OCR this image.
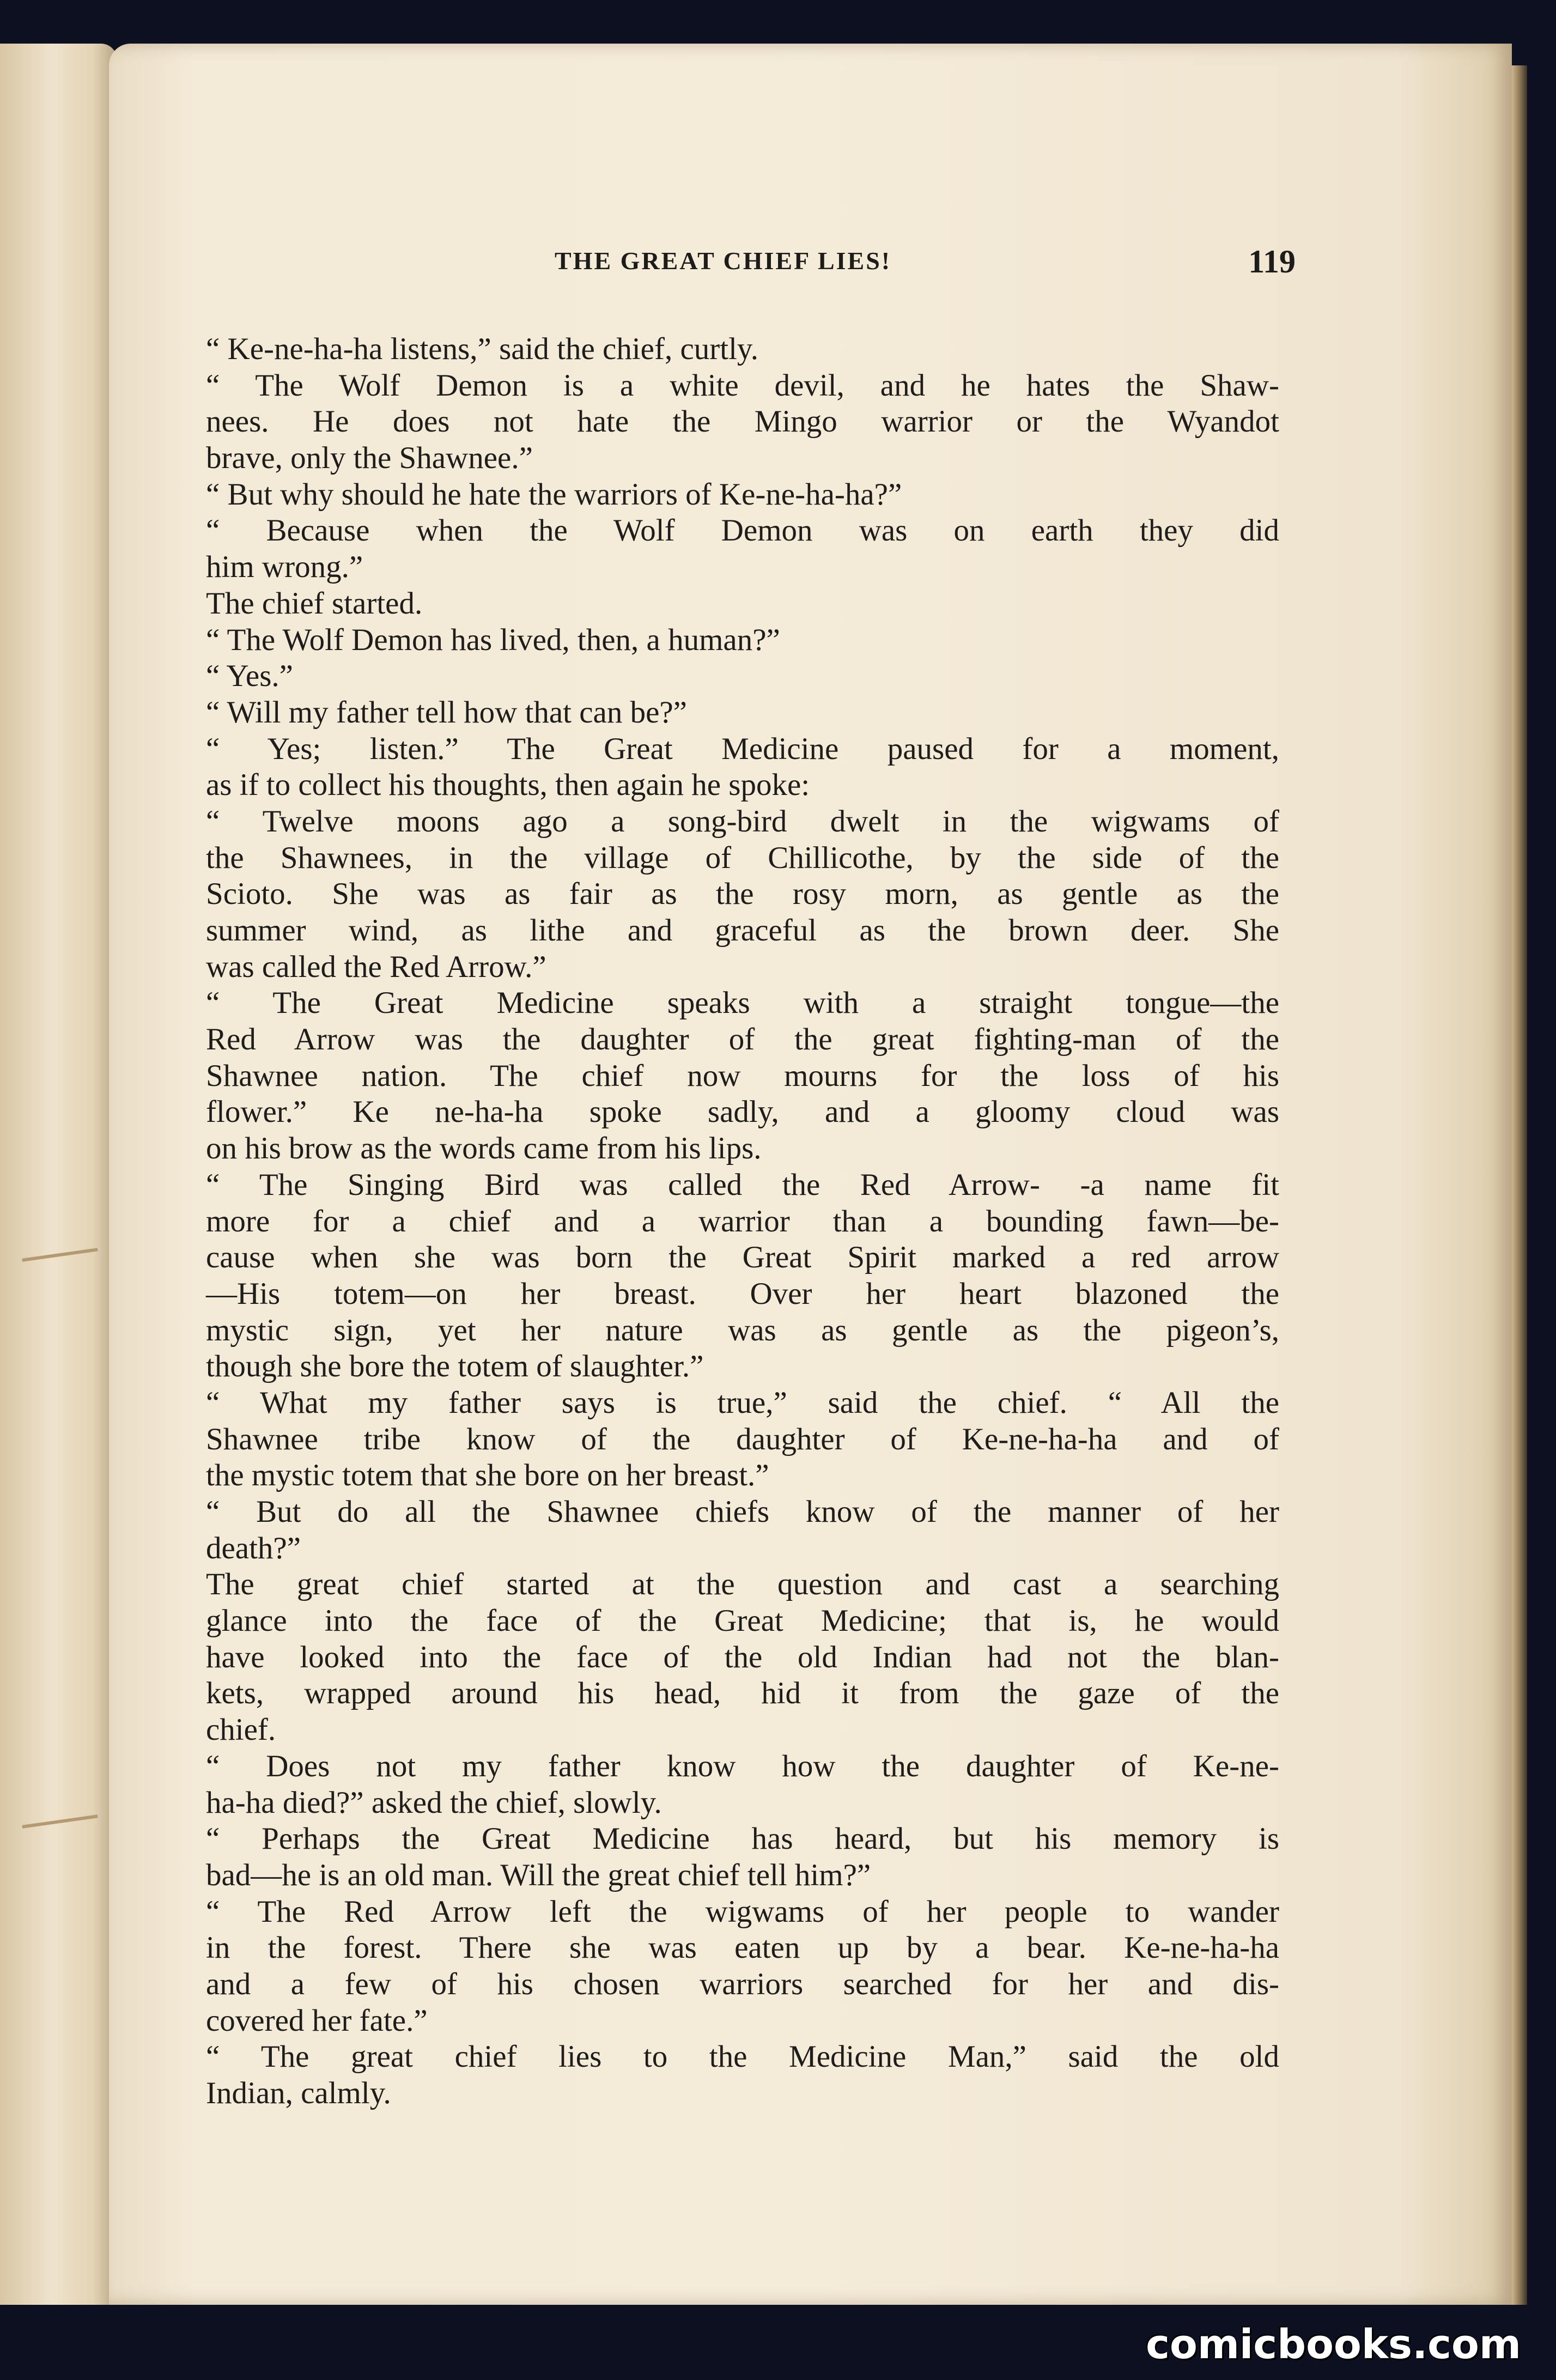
THE GREAT CHIEF LIES!	119
“ Ke-ne-ha-ha listens,” said the chief, curtly.
“ The Wolf Demon is a white devil, and he hates the Shaw-
nees. He does not hate the Mingo warrior or the Wyandot
brave, only the Shawnee.”
“ But why should he hate the warriors of Ke-ne-ha-ha?”
“ Because when the Wolf Demon was on earth they did
him wrong.”
The chief started.
“ The Wolf Demon has lived, then, a human?”
“ Yes.”
“ Will my father tell how that can be?”
“ Yes; listen.” The Great Medicine paused for a moment,
as if to collect his thoughts, then again he spoke:
“ Twelve moons ago a song-bird dwelt in the wigwams of
the Shawnees, in the village of Chillicothe, by the side of the
Scioto. She was as fair as the rosy morn, as gentle as the
summer wind, as lithe and graceful as the brown deer. She
was called the Red Arrow.”
“ The Great Medicine speaks with a straight tongue—the
Red Arrow was the daughter of the great fighting-man of the
Shawnee nation. The chief now mourns for the loss of his
flower.” Ke ne-ha-ha spoke sadly, and a gloomy cloud was
on his brow as the words came from his lips.
“ The Singing Bird was called the Red Arrow- -a name fit
more for a chief and a warrior than a bounding fawn—be-
cause when she was born the Great Spirit marked a red arrow
—His totem—on her breast. Over her heart blazoned the
mystic sign, yet her nature was as gentle as the pigeon’s,
though she bore the totem of slaughter.”
“ What my father says is true,” said the chief. “ All the
Shawnee tribe know of the daughter of Ke-ne-ha-ha and of
the mystic totem that she bore on her breast.”
“ But do all the Shawnee chiefs know of the manner of her
death?”
The great chief started at the question and cast a searching
glance into the face of the Great Medicine; that is, he would
have looked into the face of the old Indian had not the blan-
kets, wrapped around his head, hid it from the gaze of the
chief.
“ Does not my father know how the daughter of Ke-ne-
ha-ha died?” asked the chief, slowly.
“ Perhaps the Great Medicine has heard, but his memory is
bad—he is an old man. Will the great chief tell him?”
“ The Red Arrow left the wigwams of her people to wander
in the forest. There she was eaten up by a bear. Ke-ne-ha-ha
and a few of his chosen warriors searched for her and dis-
covered her fate.”
“ The great chief lies to the Medicine Man,” said the old
Indian, calmly.
comicbooks.com
